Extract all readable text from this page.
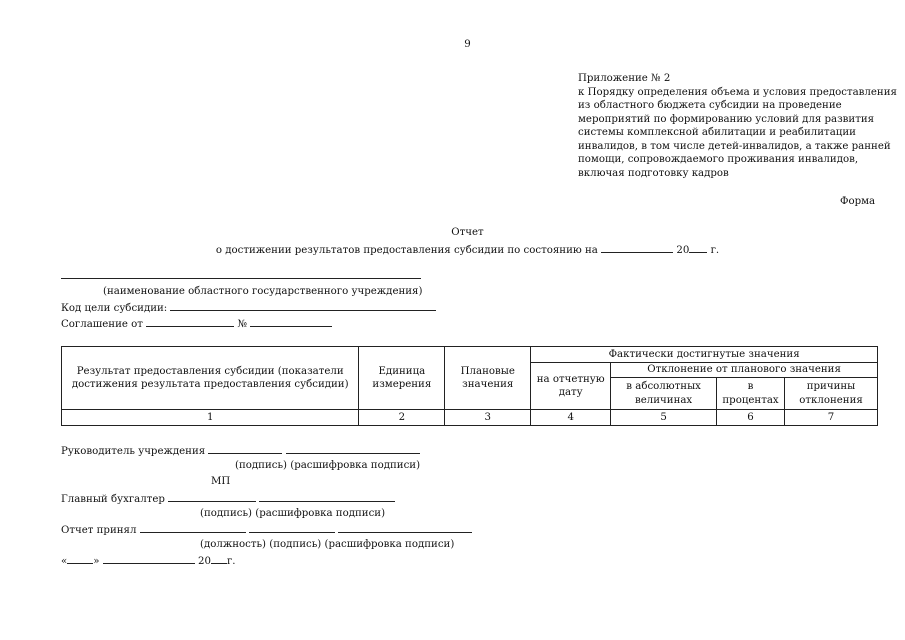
9
Приложение № 2
к Порядку определения объема и условия предоставления
из областного бюджета субсидии на проведение
мероприятий по формированию условий для развития
системы комплексной абилитации и реабилитации
инвалидов, в том числе детей-инвалидов, а также ранней
помощи, сопровождаемого проживания инвалидов,
включая подготовку кадров
Форма
Отчет
о достижении результатов предоставления субсидии по состоянию на	20 г.
(наименование областного государственного учреждения)
Код цели субсидии:
Соглашение от	№
Результат предоставления субсидии (показатели достижения результата предоставления субсидии)	Единица измерения	Плановые значения	Фактически достигнутые значения			
			на отчетную дату	Отклонение от планового значения		
				в абсолютных величинах	в процентах	причины отклонения
1	2	3	4	5	6	7
Руководитель учреждения
(подпись) (расшифровка подписи)
МП
Главный бухгалтер
(подпись) (расшифровка подписи)
Отчет принял
(должность) (подпись) (расшифровка подписи)
«	»	20 г.
